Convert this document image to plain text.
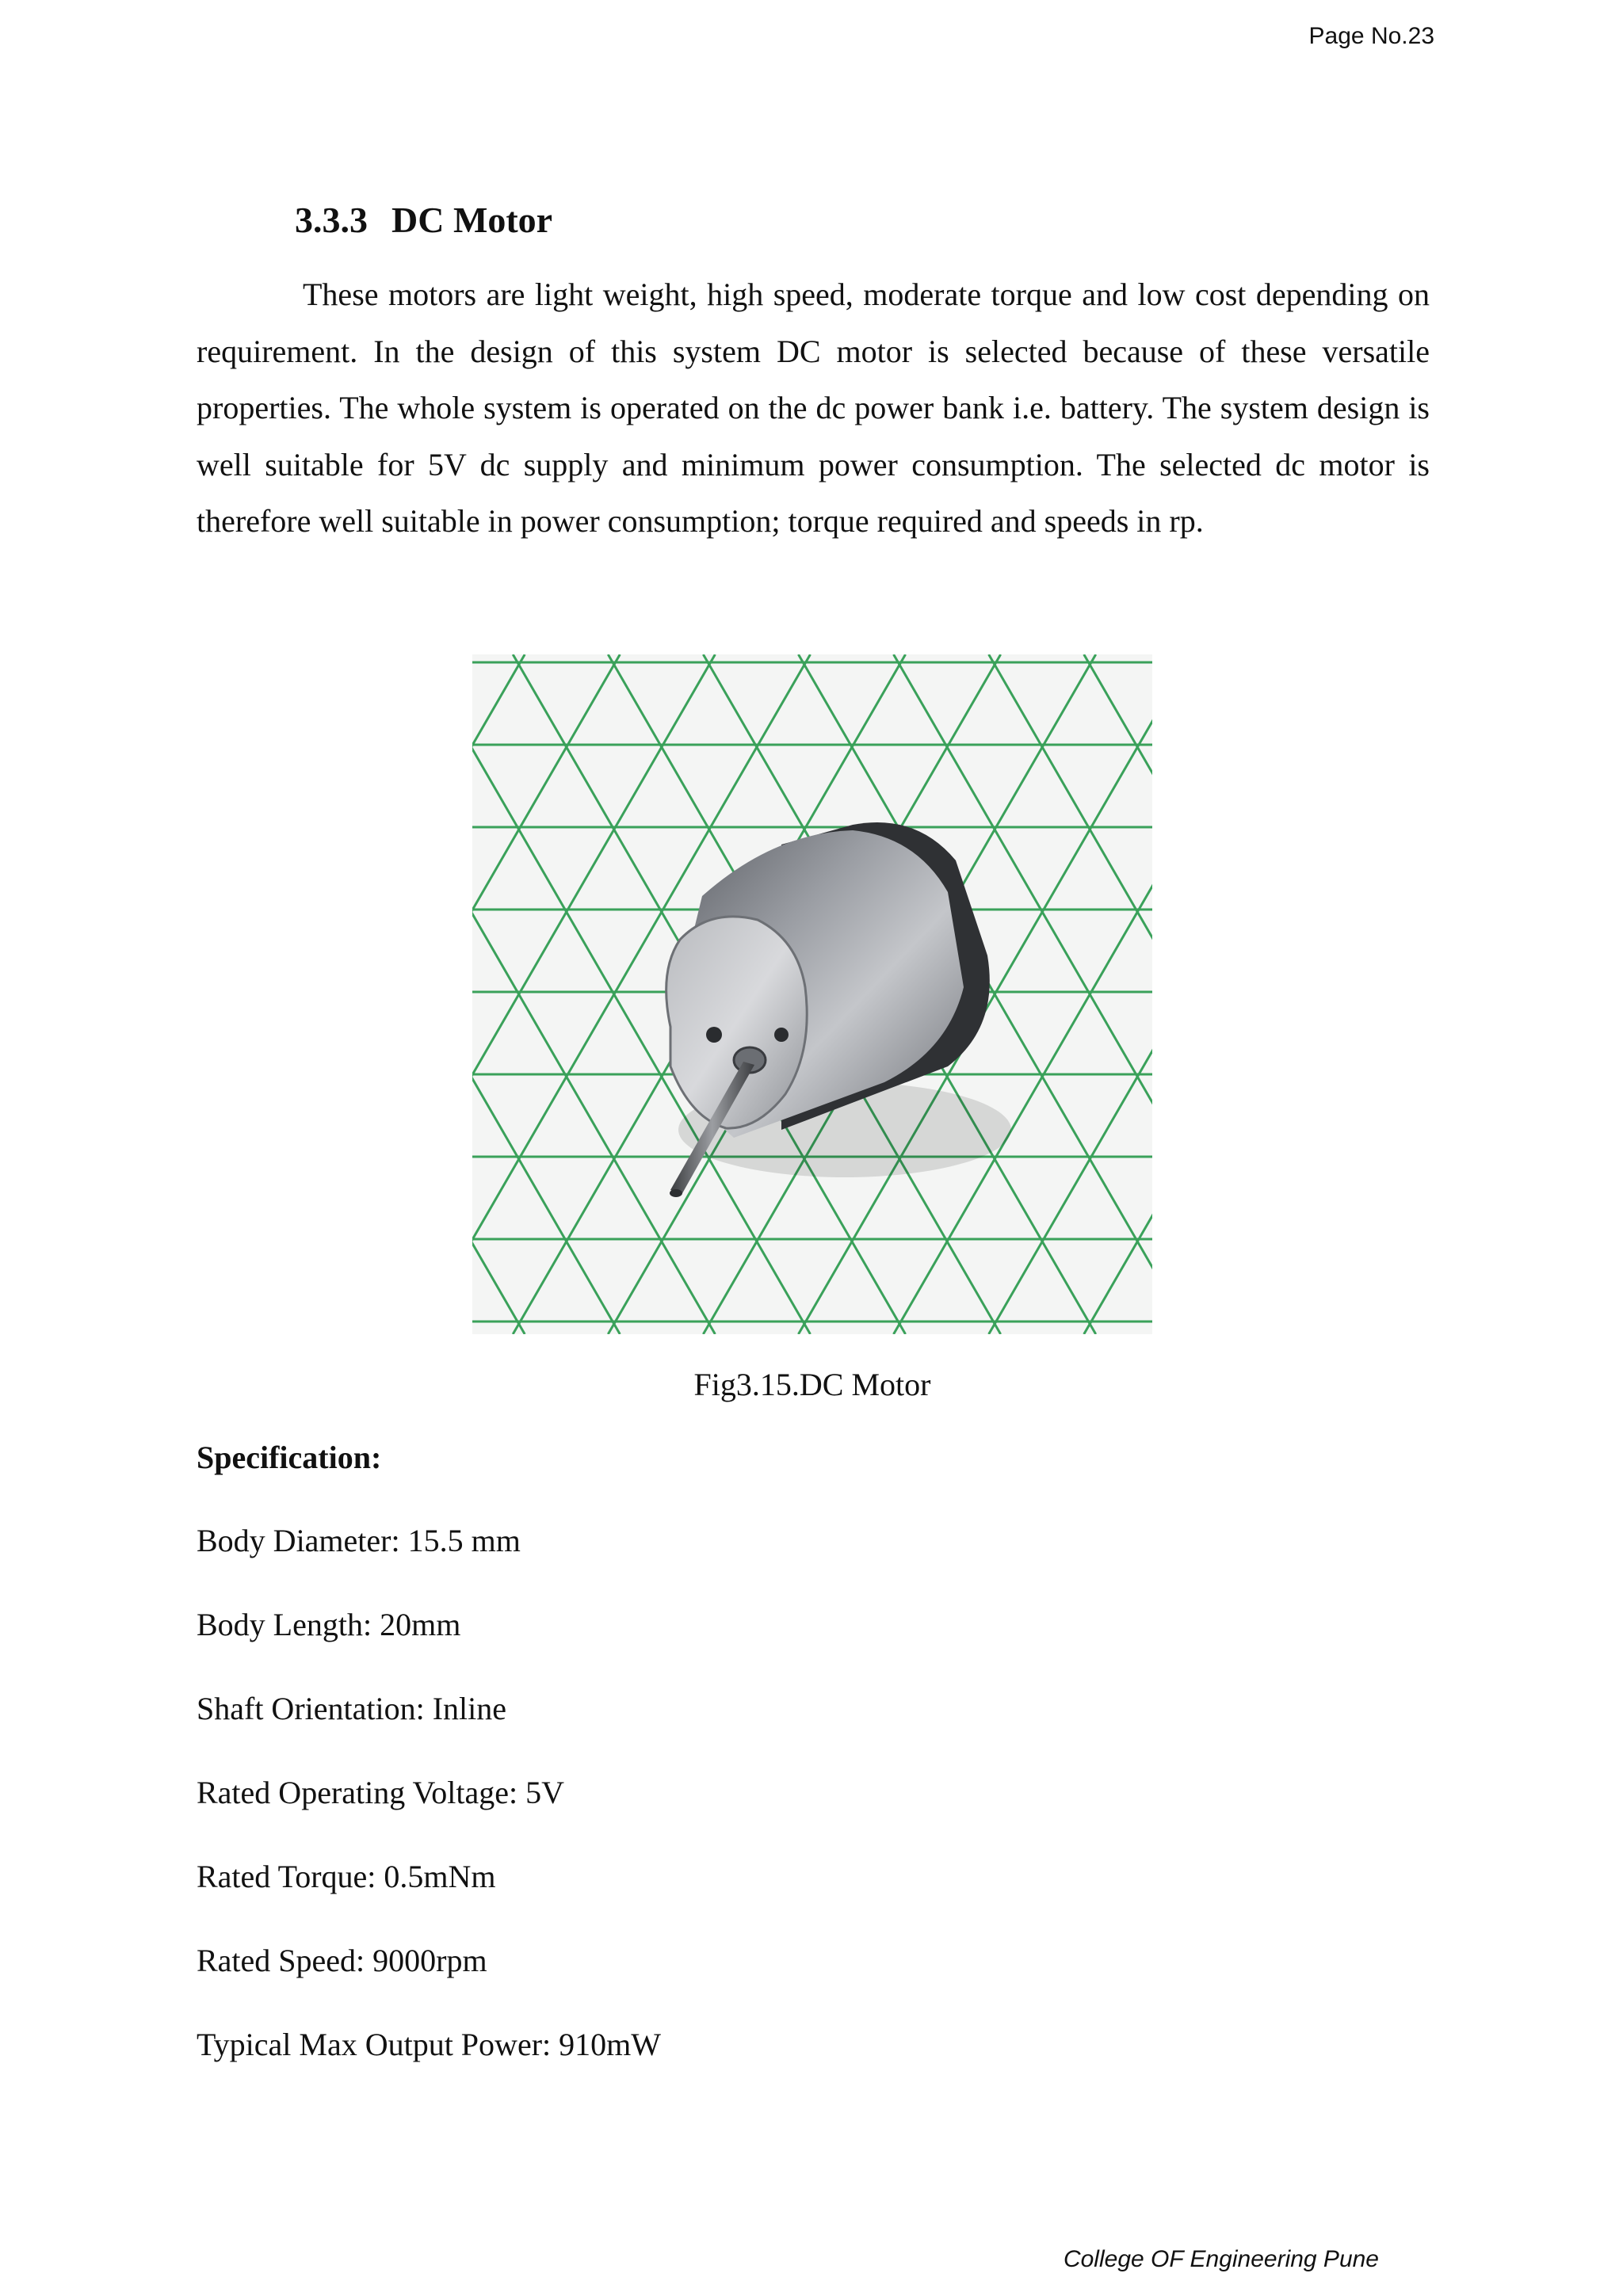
Page No.23
3.3.3 DC Motor

These motors are light weight, high speed, moderate torque and low cost depending on requirement. In the design of this system DC motor is selected because of these versatile properties. The whole system is operated on the dc power bank i.e. battery. The system design is well suitable for 5V dc supply and minimum power consumption. The selected dc motor is therefore well suitable in power consumption; torque required and speeds in rp.

Fig3.15.DC Motor
Specification:
Body Diameter: 15.5 mm
Body Length: 20mm
Shaft Orientation: Inline
Rated Operating Voltage: 5V
Rated Torque: 0.5mNm
Rated Speed: 9000rpm
Typical Max Output Power: 910mW
College OF Engineering Pune
